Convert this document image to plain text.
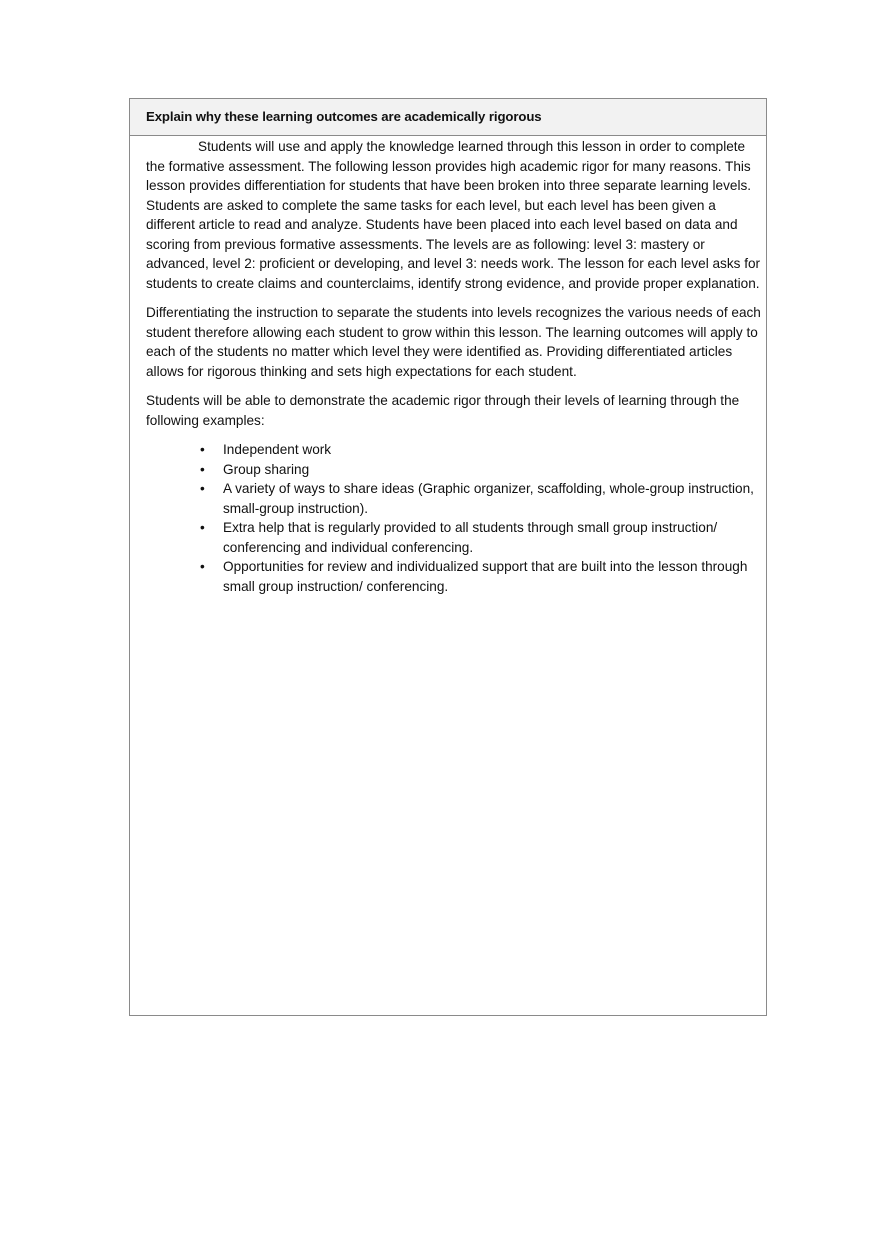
Explain why these learning outcomes are academically rigorous

Students will use and apply the knowledge learned through this lesson in order to complete the formative assessment. The following lesson provides high academic rigor for many reasons. This lesson provides differentiation for students that have been broken into three separate learning levels. Students are asked to complete the same tasks for each level, but each level has been given a different article to read and analyze. Students have been placed into each level based on data and scoring from previous formative assessments. The levels are as following: level 3: mastery or advanced, level 2: proficient or developing, and level 3: needs work. The lesson for each level asks for students to create claims and counterclaims, identify strong evidence, and provide proper explanation.

Differentiating the instruction to separate the students into levels recognizes the various needs of each student therefore allowing each student to grow within this lesson. The learning outcomes will apply to each of the students no matter which level they were identified as. Providing differentiated articles allows for rigorous thinking and sets high expectations for each student.

Students will be able to demonstrate the academic rigor through their levels of learning through the following examples:

• Independent work
• Group sharing
• A variety of ways to share ideas (Graphic organizer, scaffolding, whole-group instruction, small-group instruction).
• Extra help that is regularly provided to all students through small group instruction/ conferencing and individual conferencing.
• Opportunities for review and individualized support that are built into the lesson through small group instruction/ conferencing.
